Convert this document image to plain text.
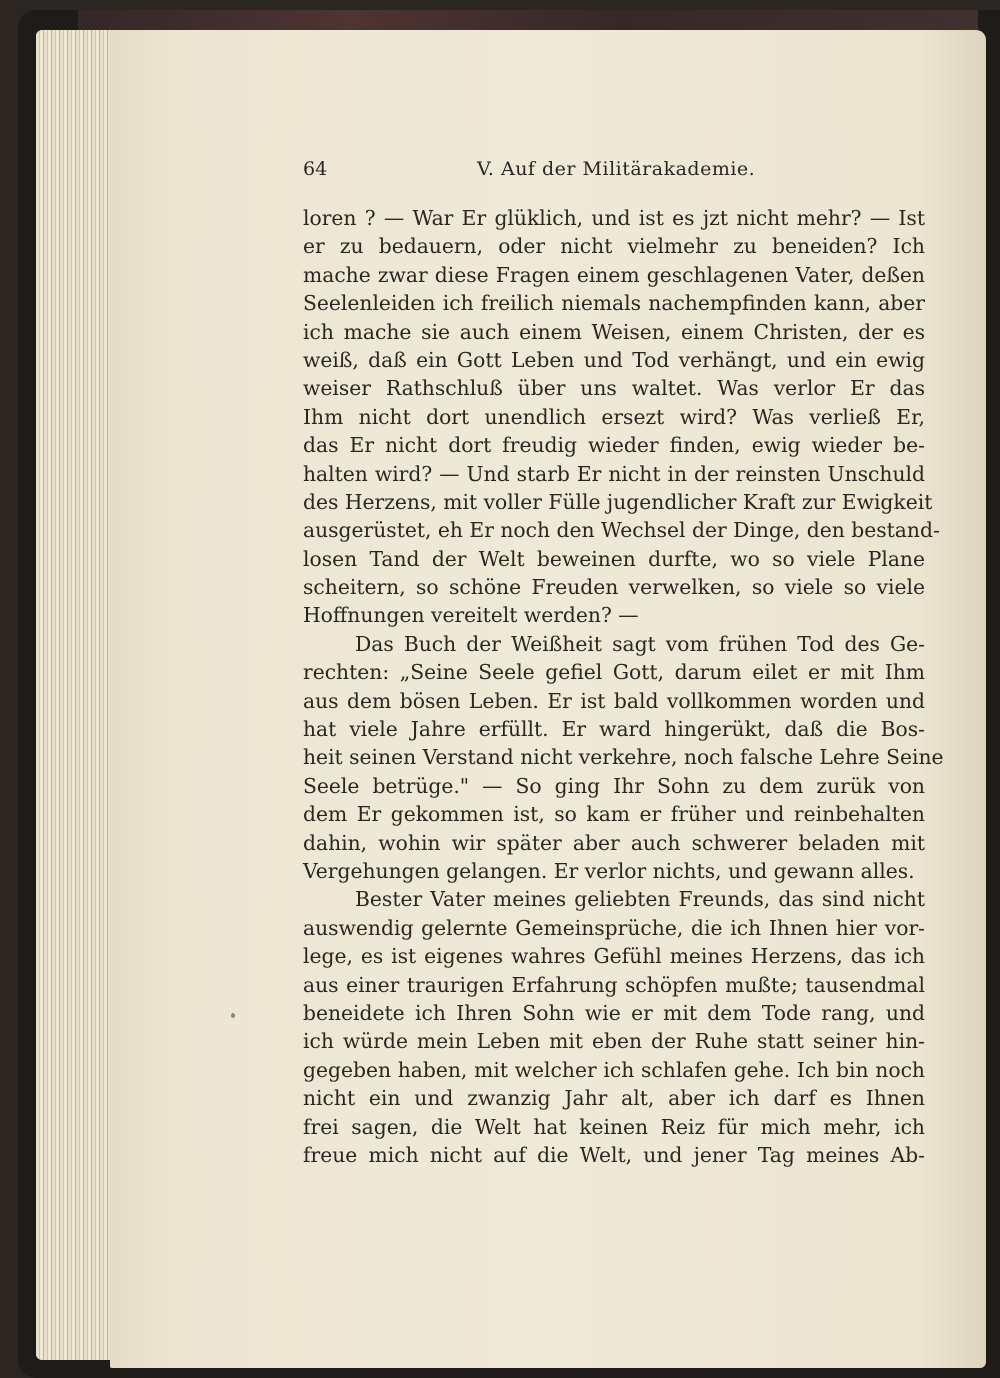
64	V. Auf der Militärakademie.
loren ? — War Er glüklich, und ist es jzt nicht mehr? — Ist
er zu bedauern, oder nicht vielmehr zu beneiden? Ich
mache zwar diese Fragen einem geschlagenen Vater, deßen
Seelenleiden ich freilich niemals nachempfinden kann, aber
ich mache sie auch einem Weisen, einem Christen, der es
weiß, daß ein Gott Leben und Tod verhängt, und ein ewig
weiser Rathschluß über uns waltet. Was verlor Er das
Ihm nicht dort unendlich ersezt wird? Was verließ Er,
das Er nicht dort freudig wieder finden, ewig wieder be-
halten wird? — Und starb Er nicht in der reinsten Unschuld
des Herzens, mit voller Fülle jugendlicher Kraft zur Ewigkeit
ausgerüstet, eh Er noch den Wechsel der Dinge, den bestand-
losen Tand der Welt beweinen durfte, wo so viele Plane
scheitern, so schöne Freuden verwelken, so viele so viele
Hoffnungen vereitelt werden? —
Das Buch der Weißheit sagt vom frühen Tod des Ge-
rechten: „Seine Seele gefiel Gott, darum eilet er mit Ihm
aus dem bösen Leben. Er ist bald vollkommen worden und
hat viele Jahre erfüllt. Er ward hingerükt, daß die Bos-
heit seinen Verstand nicht verkehre, noch falsche Lehre Seine
Seele betrüge." — So ging Ihr Sohn zu dem zurük von
dem Er gekommen ist, so kam er früher und reinbehalten
dahin, wohin wir später aber auch schwerer beladen mit
Vergehungen gelangen. Er verlor nichts, und gewann alles.
Bester Vater meines geliebten Freunds, das sind nicht
auswendig gelernte Gemeinsprüche, die ich Ihnen hier vor-
lege, es ist eigenes wahres Gefühl meines Herzens, das ich
aus einer traurigen Erfahrung schöpfen mußte; tausendmal
beneidete ich Ihren Sohn wie er mit dem Tode rang, und
ich würde mein Leben mit eben der Ruhe statt seiner hin-
gegeben haben, mit welcher ich schlafen gehe. Ich bin noch
nicht ein und zwanzig Jahr alt, aber ich darf es Ihnen
frei sagen, die Welt hat keinen Reiz für mich mehr, ich
freue mich nicht auf die Welt, und jener Tag meines Ab-
